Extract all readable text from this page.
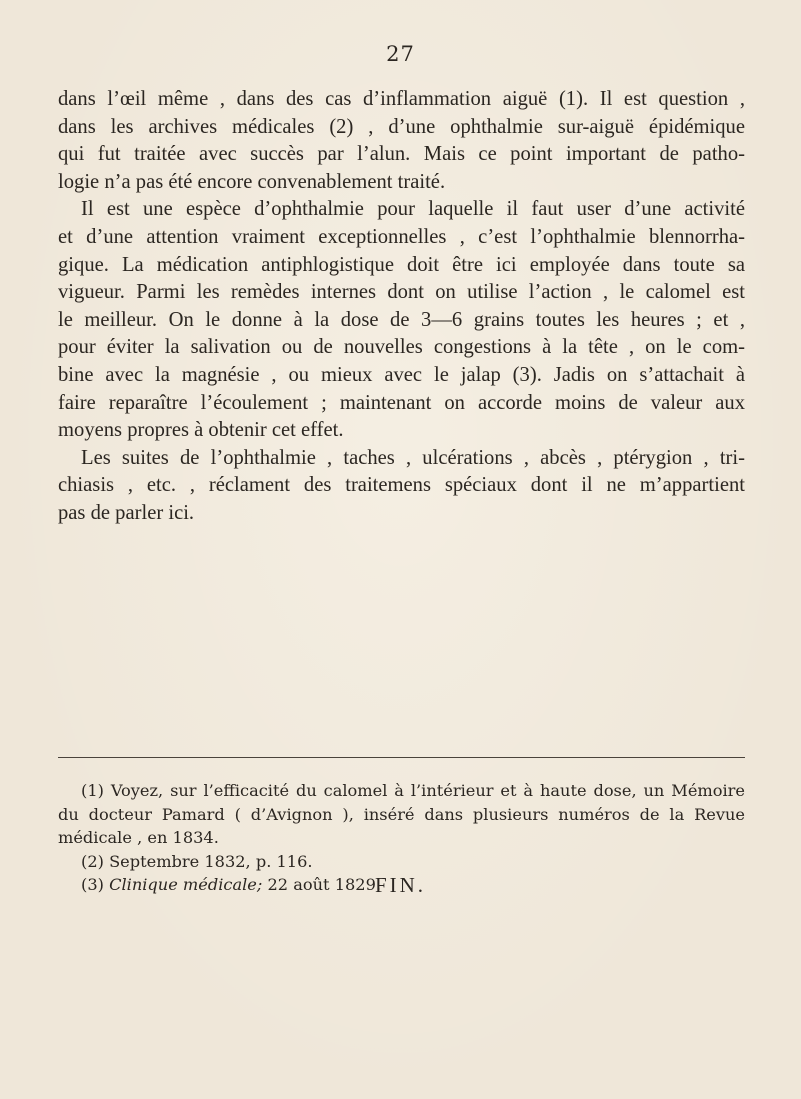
27
dans l’œil même , dans des cas d’inflammation aiguë (1). Il est question ,
dans les archives médicales (2) , d’une ophthalmie sur-aiguë épidémique
qui fut traitée avec succès par l’alun. Mais ce point important de patho-
logie n’a pas été encore convenablement traité.
Il est une espèce d’ophthalmie pour laquelle il faut user d’une activité
et d’une attention vraiment exceptionnelles , c’est l’ophthalmie blennorrha-
gique. La médication antiphlogistique doit être ici employée dans toute sa
vigueur. Parmi les remèdes internes dont on utilise l’action , le calomel est
le meilleur. On le donne à la dose de 3—6 grains toutes les heures ; et ,
pour éviter la salivation ou de nouvelles congestions à la tête , on le com-
bine avec la magnésie , ou mieux avec le jalap (3). Jadis on s’attachait à
faire reparaître l’écoulement ; maintenant on accorde moins de valeur aux
moyens propres à obtenir cet effet.
Les suites de l’ophthalmie , taches , ulcérations , abcès , ptérygion , tri-
chiasis , etc. , réclament des traitemens spéciaux dont il ne m’appartient
pas de parler ici.
(1) Voyez, sur l’efficacité du calomel à l’intérieur et à haute dose, un Mémoire
du docteur Pamard ( d’Avignon ), inséré dans plusieurs numéros de la Revue
médicale , en 1834.
(2) Septembre 1832, p. 116.
(3) Clinique médicale; 22 août 1829.
FIN.
